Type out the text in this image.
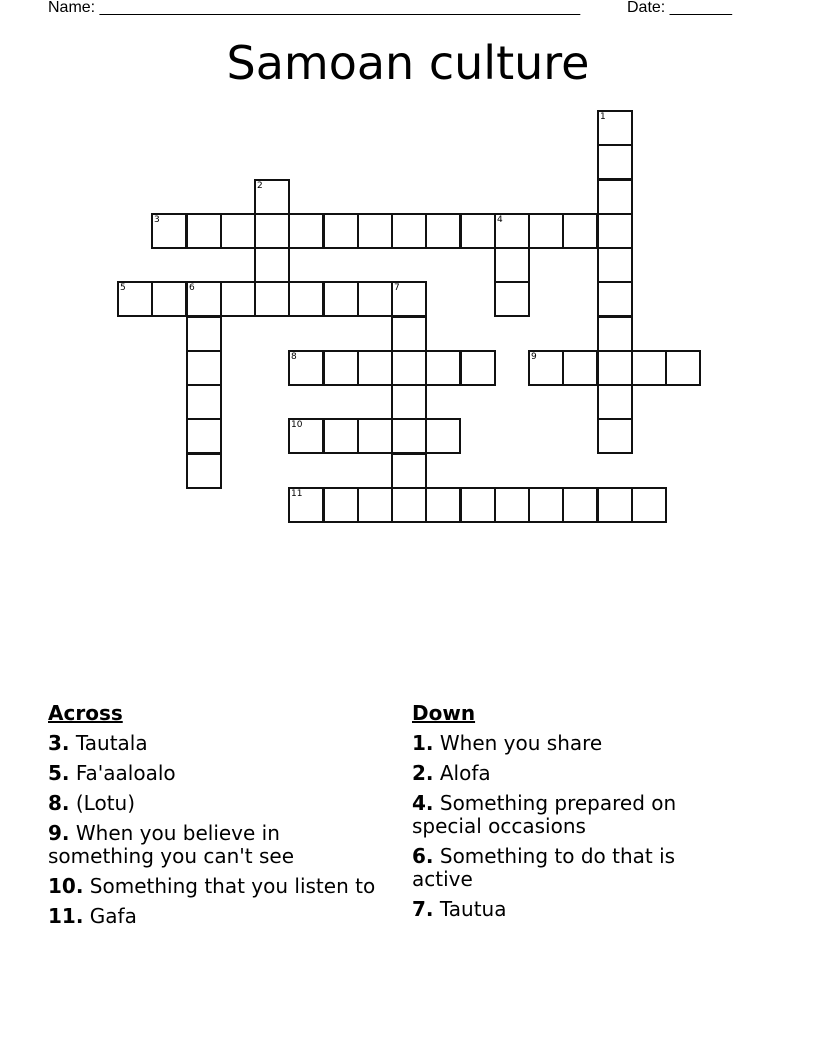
Name: ______________________________________________________	Date: _______
Samoan culture
1
2
3	4
5	6	7
8	9
10
11
Across
3. Tautala
5. Fa'aaloalo
8. (Lotu)
9. When you believe in something you can't see
10. Something that you listen to
11. Gafa
Down
1. When you share
2. Alofa
4. Something prepared on special occasions
6. Something to do that is active
7. Tautua
